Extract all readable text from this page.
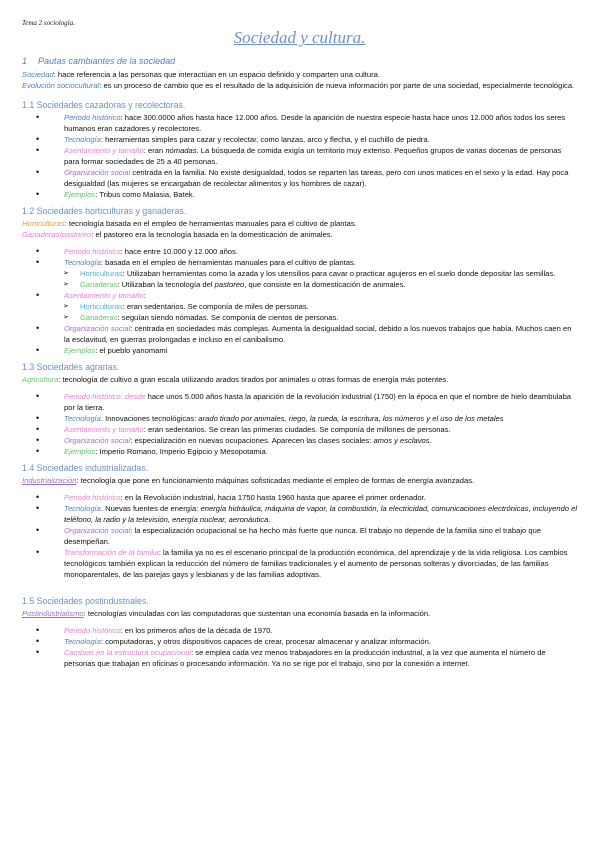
Tema 2 sociología.
Sociedad y cultura.
1 Pautas cambiantes de la sociedad

Sociedad: hace referencia a las personas que interactúan en un espacio definido y comparten una cultura.

Evolución sociocultural: es un proceso de cambio que es el resultado de la adquisición de nueva información por parte de una sociedad, especialmente tecnológica.

1.1 Sociedades cazadoras y recolectoras.
• Periodo histórico: hace 300.0000 años hasta hace 12.000 años. Desde la aparición de nuestra especie hasta hace unos 12.000 años todos los seres humanos eran cazadores y recolectores.
• Tecnología: herramientas simples para cazar y recolectar, como lanzas, arco y flecha, y el cuchillo de piedra.
• Asentamiento y tamaño: eran nómadas. La búsqueda de comida exigía un territorio muy extenso. Pequeños grupos de varias docenas de personas para formar sociedades de 25 a 40 personas.
• Organización social centrada en la familia. No existe desigualdad, todos se reparten las tareas, pero con unos matices en el sexo y la edad. Hay poca desigualdad (las mujeres se encargaban de recolectar alimentos y los hombres de cazar).
• Ejemplos: Tribus como Malasia, Batek.
1.2 Sociedades horticulturas y ganaderas.

Horticulturas: tecnología basada en el empleo de herramientas manuales para el cultivo de plantas.

Ganaderas/pastoreo: el pastoreo era la tecnología basada en la domesticación de animales.

• Periodo histórico: hace entre 10.000 y 12.000 años.
• Tecnología: basada en el empleo de herramientas manuales para el cultivo de plantas.
➢ Horticulturas: Utilizaban herramientas como la azada y los utensilios para cavar o practicar agujeros en el suelo donde depositar las semillas.
➢ Ganaderas: Utilizaban la tecnología del pastoreo, que consiste en la domesticación de animales.
• Asentamiento y tamaño:
➢ Horticultoras: eran sedentarios. Se componía de miles de personas.
➢ Ganaderas: seguían siendo nómadas. Se componía de cientos de personas.
• Organización social: centrada en sociedades más complejas. Aumenta la desigualdad social, debido a los nuevos trabajos que había. Muchos caen en la esclavitud, en guerras prolongadas e incluso en el canibalismo.
• Ejemplos: el pueblo yanomami
1.3 Sociedades agrarias.

Agricultura: tecnología de cultivo a gran escala utilizando arados tirados por animales u otras formas de energía más potentes.

• Periodo histórico: desde hace unos 5.000 años hasta la aparición de la revolución industrial (1750) en la época en que el nombre de hielo deambulaba por la tierra.
• Tecnología. Innovaciones tecnológicas: arado tirado por animales, riego, la rueda, la escritura, los números y el uso de los metales
• Asentamiento y tamaño: eran sedentarios. Se crean las primeras ciudades. Se componía de millones de personas.
• Organización social: especialización en nuevas ocupaciones. Aparecen las clases sociales: amos y esclavos.
• Ejemplos: Imperio Romano, Imperio Egipcio y Mesopotamia.
1.4 Sociedades industrializadas.

Industrialización: tecnología que pone en funcionamiento máquinas sofisticadas mediante el empleo de formas de energía avanzadas.

• Periodo histórico: en la Revolución industrial, hacia 1750 hasta 1960 hasta que aparee el primer ordenador.
• Tecnología. Nuevas fuentes de energía: energía hidráulica, máquina de vapor, la combustión, la electricidad, comunicaciones electrónicas, incluyendo el teléfono, la radio y la televisión, energía nuclear, aeronáutica.
• Organización social: la especialización ocupacional se ha hecho más fuerte que nunca. El trabajo no depende de la familia sino el trabajo que desempeñan.
• Transformación de la familia: la familia ya no es el escenario principal de la producción económica, del aprendizaje y de la vida religiosa. Los cambios tecnológicos también explican la reducción del número de familias tradicionales y el aumento de personas solteras y divorciadas, de las familias monoparentales, de las parejas gays y lesbianas y de las familias adoptivas.
1.5 Sociedades postindustriales.

Postindustrialismo: tecnologías vinculadas con las computadoras que sustentan una economía basada en la información.

• Periodo histórico: en los primeros años de la década de 1970.
• Tecnología: computadoras, y otros dispositivos capaces de crear, procesar almacenar y analizar información.
• Cambios en la estructura ocupacional: se emplea cada vez menos trabajadores en la producción industrial, a la vez que aumenta el número de personas que trabajan en oficinas o procesando información. Ya no se rige por el trabajo, sino por la conexión a internet.
